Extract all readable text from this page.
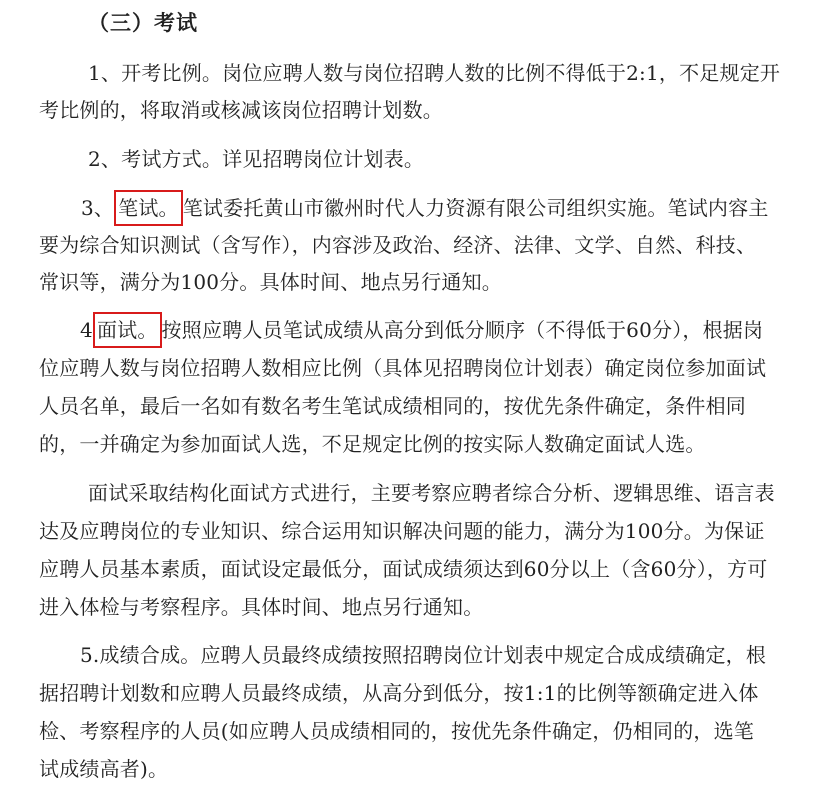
（三）考试
1、开考比例。岗位应聘人数与岗位招聘人数的比例不得低于2:1，不足规定开
考比例的，将取消或核减该岗位招聘计划数。
2、考试方式。详见招聘岗位计划表。
3、 笔试。 笔试委托黄山市徽州时代人力资源有限公司组织实施。笔试内容主
要为综合知识测试（含写作），内容涉及政治、经济、法律、文学、自然、科技、
常识等，满分为100分。具体时间、地点另行通知。
4 面试。 按照应聘人员笔试成绩从高分到低分顺序（不得低于60分），根据岗
位应聘人数与岗位招聘人数相应比例（具体见招聘岗位计划表）确定岗位参加面试
人员名单，最后一名如有数名考生笔试成绩相同的，按优先条件确定，条件相同
的，一并确定为参加面试人选，不足规定比例的按实际人数确定面试人选。
面试采取结构化面试方式进行，主要考察应聘者综合分析、逻辑思维、语言表
达及应聘岗位的专业知识、综合运用知识解决问题的能力，满分为100分。为保证
应聘人员基本素质，面试设定最低分，面试成绩须达到60分以上（含60分），方可
进入体检与考察程序。具体时间、地点另行通知。
5.成绩合成。应聘人员最终成绩按照招聘岗位计划表中规定合成成绩确定，根
据招聘计划数和应聘人员最终成绩，从高分到低分，按1:1的比例等额确定进入体
检、考察程序的人员(如应聘人员成绩相同的，按优先条件确定，仍相同的，选笔
试成绩高者)。
